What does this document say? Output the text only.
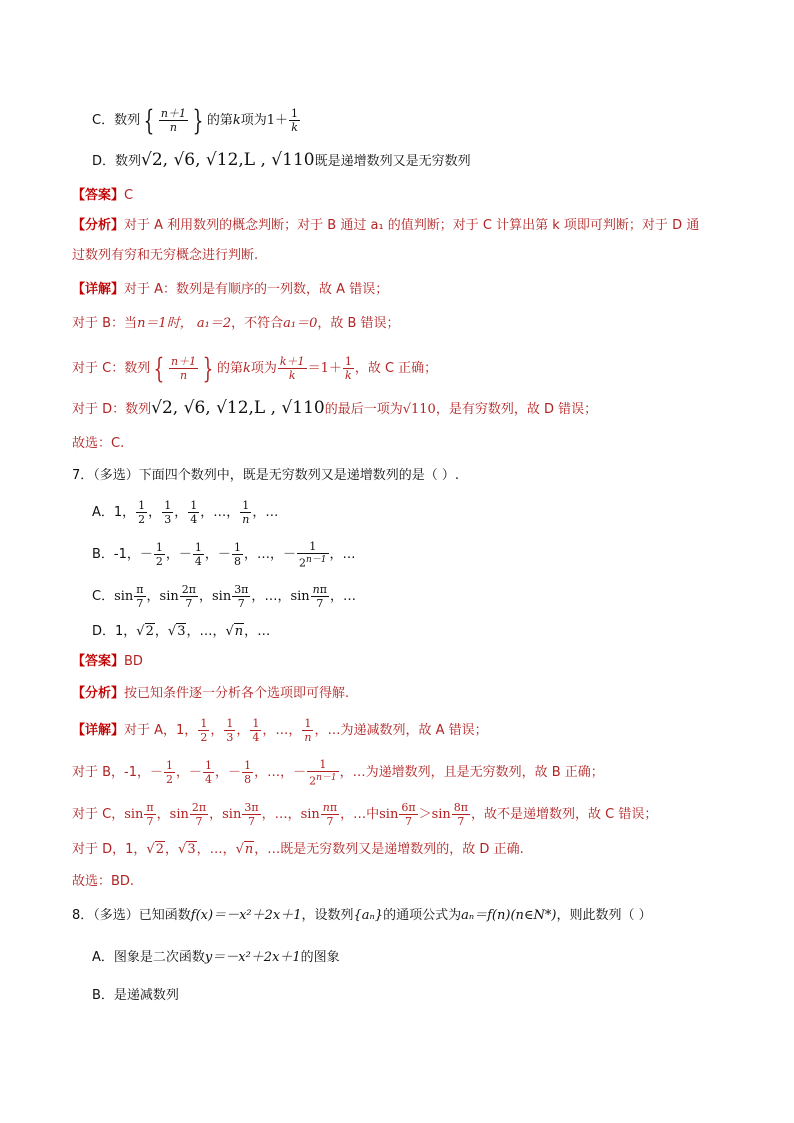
C．数列 { $\frac{n+1}{n}$ } 的第k项为$1+ \frac{1}{k}$
D．数列√2, √6, √12,L , √110既是递增数列又是无穷数列
【答案】C
【分析】对于 A 利用数列的概念判断；对于 B 通过 a₁ 的值判断；对于 C 计算出第 k 项即可判断；对于 D 通
过数列有穷和无穷概念进行判断.
【详解】对于 A：数列是有顺序的一列数，故 A 错误；
对于 B：当n＝1时， a₁＝2，不符合a₁＝0，故 B 错误；
对于 C：数列 { $\frac{n+1}{n}$ } 的第k项为 $\frac{k+1}{k} =1+ \frac{1}{k}$ ，故 C 正确；
对于 D：数列√2, √6, √12,L , √110的最后一项为√110，是有穷数列，故 D 错误；
故选：C.
7．（多选）下面四个数列中，既是无穷数列又是递增数列的是（ ）.
A．1， $\frac{1}{2}$ ， $\frac{1}{3}$ ， $\frac{1}{4}$ ，…， $\frac{1}{n}$ ，…
B．-1，－ $\frac{1}{2}$ ，－ $\frac{1}{4}$ ，－ $\frac{1}{8}$ ，…，－ $\frac{1}{2^{n-1}}$ ，…
C．$\sin \frac{\pi}{7}$ ，$\sin \frac{2\pi}{7}$ ，$\sin \frac{3\pi}{7}$ ，…，$\sin \frac{n\pi}{7}$ ，…
D．1，√2，√3，…，√n，…
【答案】BD
【分析】按已知条件逐一分析各个选项即可得解.
【详解】对于 A，1， $\frac{1}{2}$ ， $\frac{1}{3}$ ， $\frac{1}{4}$ ，…， $\frac{1}{n}$ ，…为递减数列，故 A 错误；
对于 B，-1，－ $\frac{1}{2}$ ，－ $\frac{1}{4}$ ，－ $\frac{1}{8}$ ，…，－ $\frac{1}{2^{n-1}}$ ，…为递增数列，且是无穷数列，故 B 正确；
对于 C，$\sin \frac{\pi}{7}$ ，$\sin \frac{2\pi}{7}$ ，$\sin \frac{3\pi}{7}$ ，…，$\sin \frac{n\pi}{7}$ ，…中$\sin \frac{6\pi}{7} >\sin \frac{8\pi}{7}$ ，故不是递增数列，故 C 错误；
对于 D，1，√2，√3，…，√n，…既是无穷数列又是递增数列的，故 D 正确.
故选：BD.
8．（多选）已知函数f(x)＝－x²＋2x＋1，设数列{aₙ}的通项公式为aₙ＝f(n)(n∈N*)，则此数列（ ）
A．图象是二次函数y＝－x²＋2x＋1的图象
B．是递减数列
